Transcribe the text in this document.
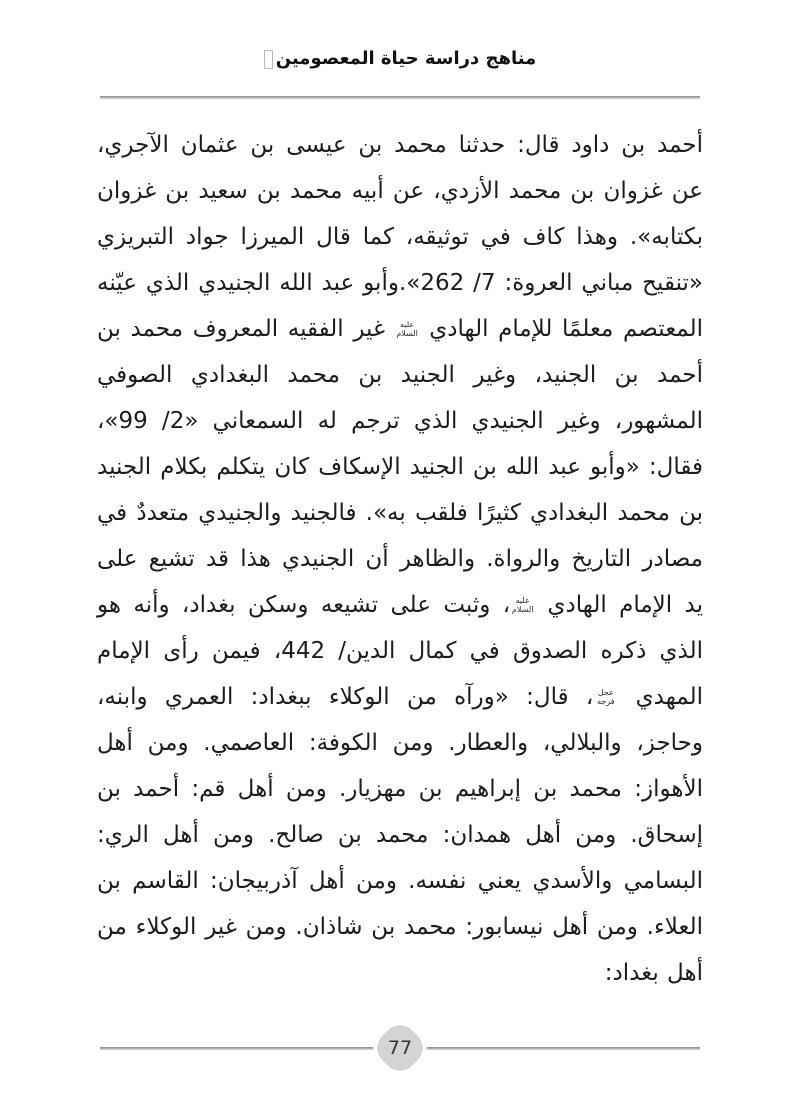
مناهج دراسة حياة المعصومين
أحمد بن داود قال: حدثنا محمد بن عيسى بن عثمان الآجري، عن غزوان بن محمد الأزدي، عن أبيه محمد بن سعيد بن غزوان بكتابه». وهذا كاف في توثيقه، كما قال الميرزا جواد التبريزي «تنقيح مباني العروة: 7/ 262».وأبو عبد الله الجنيدي الذي عيّنه المعتصم معلمًا للإمام الهادي عليه السلام غير الفقيه المعروف محمد بن أحمد بن الجنيد، وغير الجنيد بن محمد البغدادي الصوفي المشهور، وغير الجنيدي الذي ترجم له السمعاني «2/ 99»، فقال: «وأبو عبد الله بن الجنيد الإسكاف كان يتكلم بكلام الجنيد بن محمد البغدادي كثيرًا فلقب به». فالجنيد والجنيدي متعددٌ في مصادر التاريخ والرواة. والظاهر أن الجنيدي هذا قد تشيع على يد الإمام الهادي عليه السلام، وثبت على تشيعه وسكن بغداد، وأنه هو الذي ذكره الصدوق في كمال الدين/ 442، فيمن رأى الإمام المهدي عجل فرجه، قال: «ورآه من الوكلاء ببغداد: العمري وابنه، وحاجز، والبلالي، والعطار. ومن الكوفة: العاصمي. ومن أهل الأهواز: محمد بن إبراهيم بن مهزيار. ومن أهل قم: أحمد بن إسحاق. ومن أهل همدان: محمد بن صالح. ومن أهل الري: البسامي والأسدي يعني نفسه. ومن أهل آذربيجان: القاسم بن العلاء. ومن أهل نيسابور: محمد بن شاذان. ومن غير الوكلاء من أهل بغداد:
77
